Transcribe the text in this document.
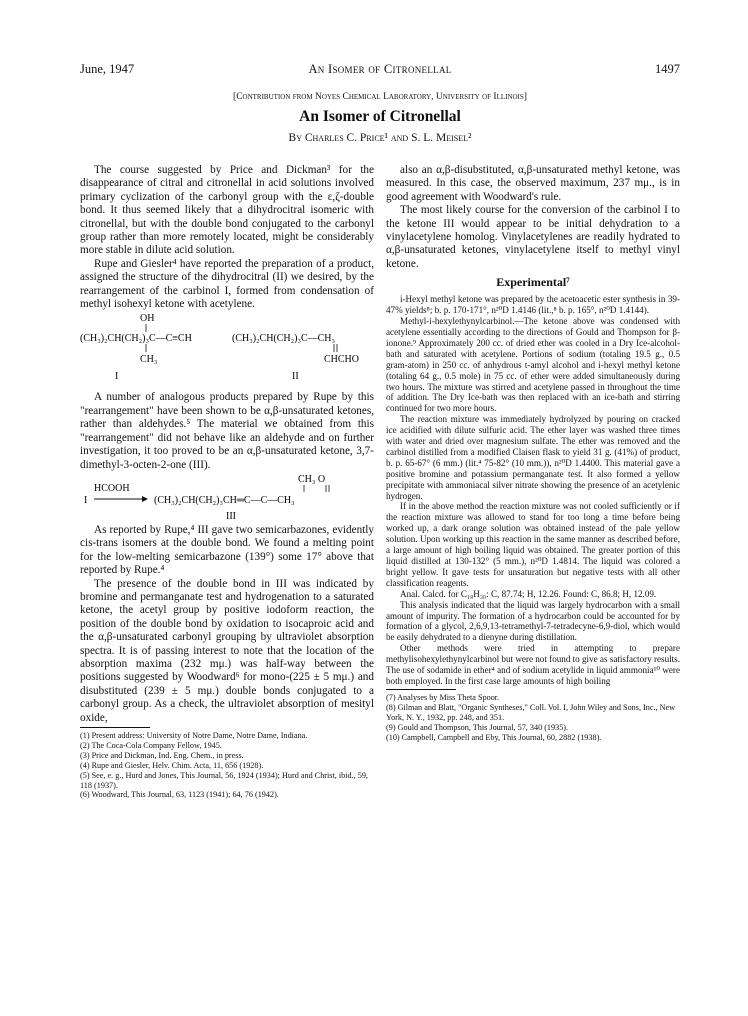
June, 1947	An Isomer of Citronellal	1497
[Contribution from Noyes Chemical Laboratory, University of Illinois]
An Isomer of Citronellal
By Charles C. Price¹ and S. L. Meisel²

The course suggested by Price and Dickman³ for the disappearance of citral and citronellal in acid solutions involved primary cyclization of the carbonyl group with the ε,ζ-double bond. It thus seemed likely that a dihydrocitral isomeric with citronellal, but with the double bond conjugated to the carbonyl group rather than more remotely located, might be considerably more stable in dilute acid solution.

Rupe and Giesler⁴ have reported the preparation of a product, assigned the structure of the dihydrocitral (II) we desired, by the rearrangement of the carbinol I, formed from condensation of methyl isohexyl ketone with acetylene.

OH
(CH₃)₂CH(CH₂)₃C—C≡CH
CH₃
I
(CH₃)₂CH(CH₂)₃C—CH₃
CHCHO
II

A number of analogous products prepared by Rupe by this "rearrangement" have been shown to be α,β-unsaturated ketones, rather than aldehydes.⁵ The material we obtained from this "rearrangement" did not behave like an aldehyde and on further investigation, it too proved to be an α,β-unsaturated ketone, 3,7-dimethyl-3-octen-2-one (III).

CH₃ O
HCOOH
I	(CH₃)₂CH(CH₂)₃CH═C—C—CH₃
III

As reported by Rupe,⁴ III gave two semicarbazones, evidently cis-trans isomers at the double bond. We found a melting point for the low-melting semicarbazone (139°) some 17° above that reported by Rupe.⁴

The presence of the double bond in III was indicated by bromine and permanganate test and hydrogenation to a saturated ketone, the acetyl group by positive iodoform reaction, the position of the double bond by oxidation to isocaproic acid and the α,β-unsaturated carbonyl grouping by ultraviolet absorption spectra. It is of passing interest to note that the location of the absorption maxima (232 mμ.) was half-way between the positions suggested by Woodward⁶ for mono-(225 ± 5 mμ.) and disubstituted (239 ± 5 mμ.) double bonds conjugated to a carbonyl group. As a check, the ultraviolet absorption of mesityl oxide,

(1) Present address: University of Notre Dame, Notre Dame, Indiana.
(2) The Coca-Cola Company Fellow, 1945.
(3) Price and Dickman, Ind. Eng. Chem., in press.
(4) Rupe and Giesler, Helv. Chim. Acta, 11, 656 (1928).
(5) See, e. g., Hurd and Jones, This Journal, 56, 1924 (1934); Hurd and Christ, ibid., 59, 118 (1937).
(6) Woodward, This Journal, 63, 1123 (1941); 64, 76 (1942).

also an α,β-disubstituted, α,β-unsaturated methyl ketone, was measured. In this case, the observed maximum, 237 mμ., is in good agreement with Woodward's rule.

The most likely course for the conversion of the carbinol I to the ketone III would appear to be initial dehydration to a vinylacetylene homolog. Vinylacetylenes are readily hydrated to α,β-unsaturated ketones, vinylacetylene itself to methyl vinyl ketone.

Experimental⁷

i-Hexyl methyl ketone was prepared by the acetoacetic ester synthesis in 39-47% yields⁸; b. p. 170-171°, n²⁰D 1.4146 (lit.,⁸ b. p. 165°, n²⁰D 1.4144).

Methyl-i-hexylethynylcarbinol.—The ketone above was condensed with acetylene essentially according to the directions of Gould and Thompson for β-ionone.⁹ Approximately 200 cc. of dried ether was cooled in a Dry Ice-alcohol-bath and saturated with acetylene. Portions of sodium (totaling 19.5 g., 0.5 gram-atom) in 250 cc. of anhydrous t-amyl alcohol and i-hexyl methyl ketone (totaling 64 g., 0.5 mole) in 75 cc. of ether were added simultaneously during two hours. The mixture was stirred and acetylene passed in throughout the time of addition. The Dry Ice-bath was then replaced with an ice-bath and stirring continued for two more hours.

The reaction mixture was immediately hydrolyzed by pouring on cracked ice acidified with dilute sulfuric acid. The ether layer was washed three times with water and dried over magnesium sulfate. The ether was removed and the carbinol distilled from a modified Claisen flask to yield 31 g. (41%) of product, b. p. 65-67° (6 mm.) (lit.⁴ 75-82° (10 mm.)), n²⁰D 1.4400. This material gave a positive bromine and potassium permanganate test. It also formed a yellow precipitate with ammoniacal silver nitrate showing the presence of an acetylenic hydrogen.

If in the above method the reaction mixture was not cooled sufficiently or if the reaction mixture was allowed to stand for too long a time before being worked up, a dark orange solution was obtained instead of the pale yellow solution. Upon working up this reaction in the same manner as described before, a large amount of high boiling liquid was obtained. The greater portion of this liquid distilled at 130-132° (5 mm.), n²⁰D 1.4814. The liquid was colored a bright yellow. It gave tests for unsaturation but negative tests with all other classification reagents.

Anal. Calcd. for C₁₈H₃₀: C, 87.74; H, 12.26. Found: C, 86.8; H, 12.09.

This analysis indicated that the liquid was largely hydrocarbon with a small amount of impurity. The formation of a hydrocarbon could be accounted for by formation of a glycol, 2,6,9,13-tetramethyl-7-tetradecyne-6,9-diol, which would be easily dehydrated to a dienyne during distillation.

Other methods were tried in attempting to prepare methylisohexylethynylcarbinol but were not found to give as satisfactory results. The use of sodamide in ether⁴ and of sodium acetylide in liquid ammonia¹⁰ were both employed. In the first case large amounts of high boiling

(7) Analyses by Miss Theta Spoor.
(8) Gilman and Blatt, "Organic Syntheses," Coll. Vol. I, John Wiley and Sons, Inc., New York, N. Y., 1932, pp. 248, and 351.
(9) Gould and Thompson, This Journal, 57, 340 (1935).
(10) Campbell, Campbell and Eby, This Journal, 60, 2882 (1938).
